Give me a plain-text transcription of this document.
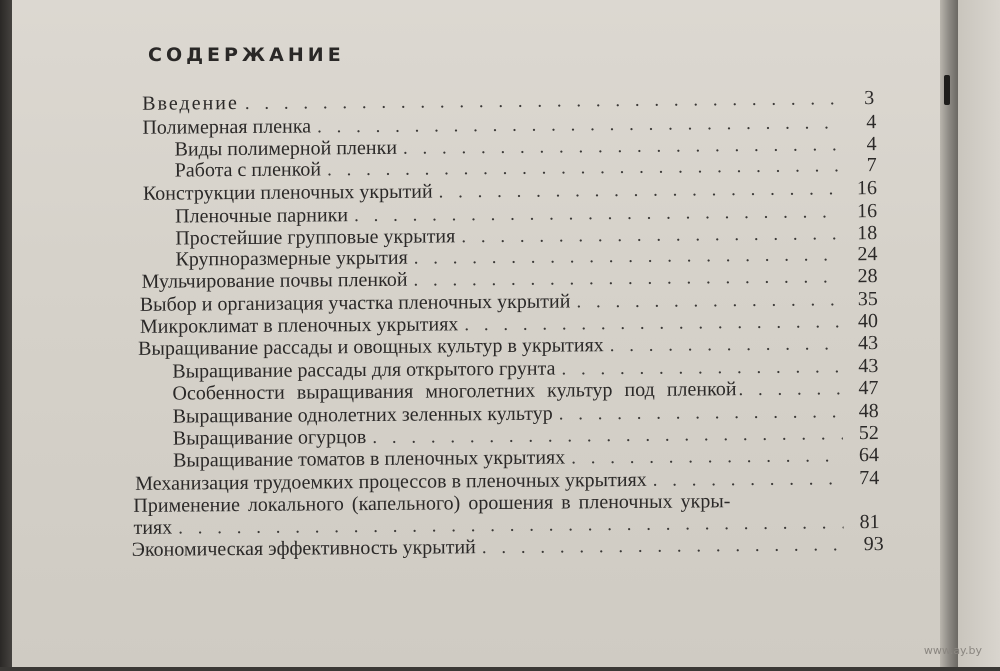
СОДЕРЖАНИЕ
Введение . . .	3
Полимерная пленка . . .	4
Виды полимерной пленки . . .	4
Работа с пленкой . . .	7
Конструкции пленочных укрытий . . .	16
Пленочные парники . . .	16
Простейшие групповые укрытия . . .	18
Крупноразмерные укрытия . . .	24
Мульчирование почвы пленкой . . .	28
Выбор и организация участка пленочных укрытий . . .	35
Микроклимат в пленочных укрытиях . . .	40
Выращивание рассады и овощных культур в укрытиях . . .	43
Выращивание рассады для открытого грунта . . .	43
Особенности выращивания многолетних культур под пленкой . . .	47
Выращивание однолетних зеленных культур . . .	48
Выращивание огурцов . . .	52
Выращивание томатов в пленочных укрытиях . . .	64
Механизация трудоемких процессов в пленочных укрытиях . . .	74
Применение локального (капельного) орошения в пленочных укры-
тиях . . .	81
Экономическая эффективность укрытий . . .	93
www.ay.by
